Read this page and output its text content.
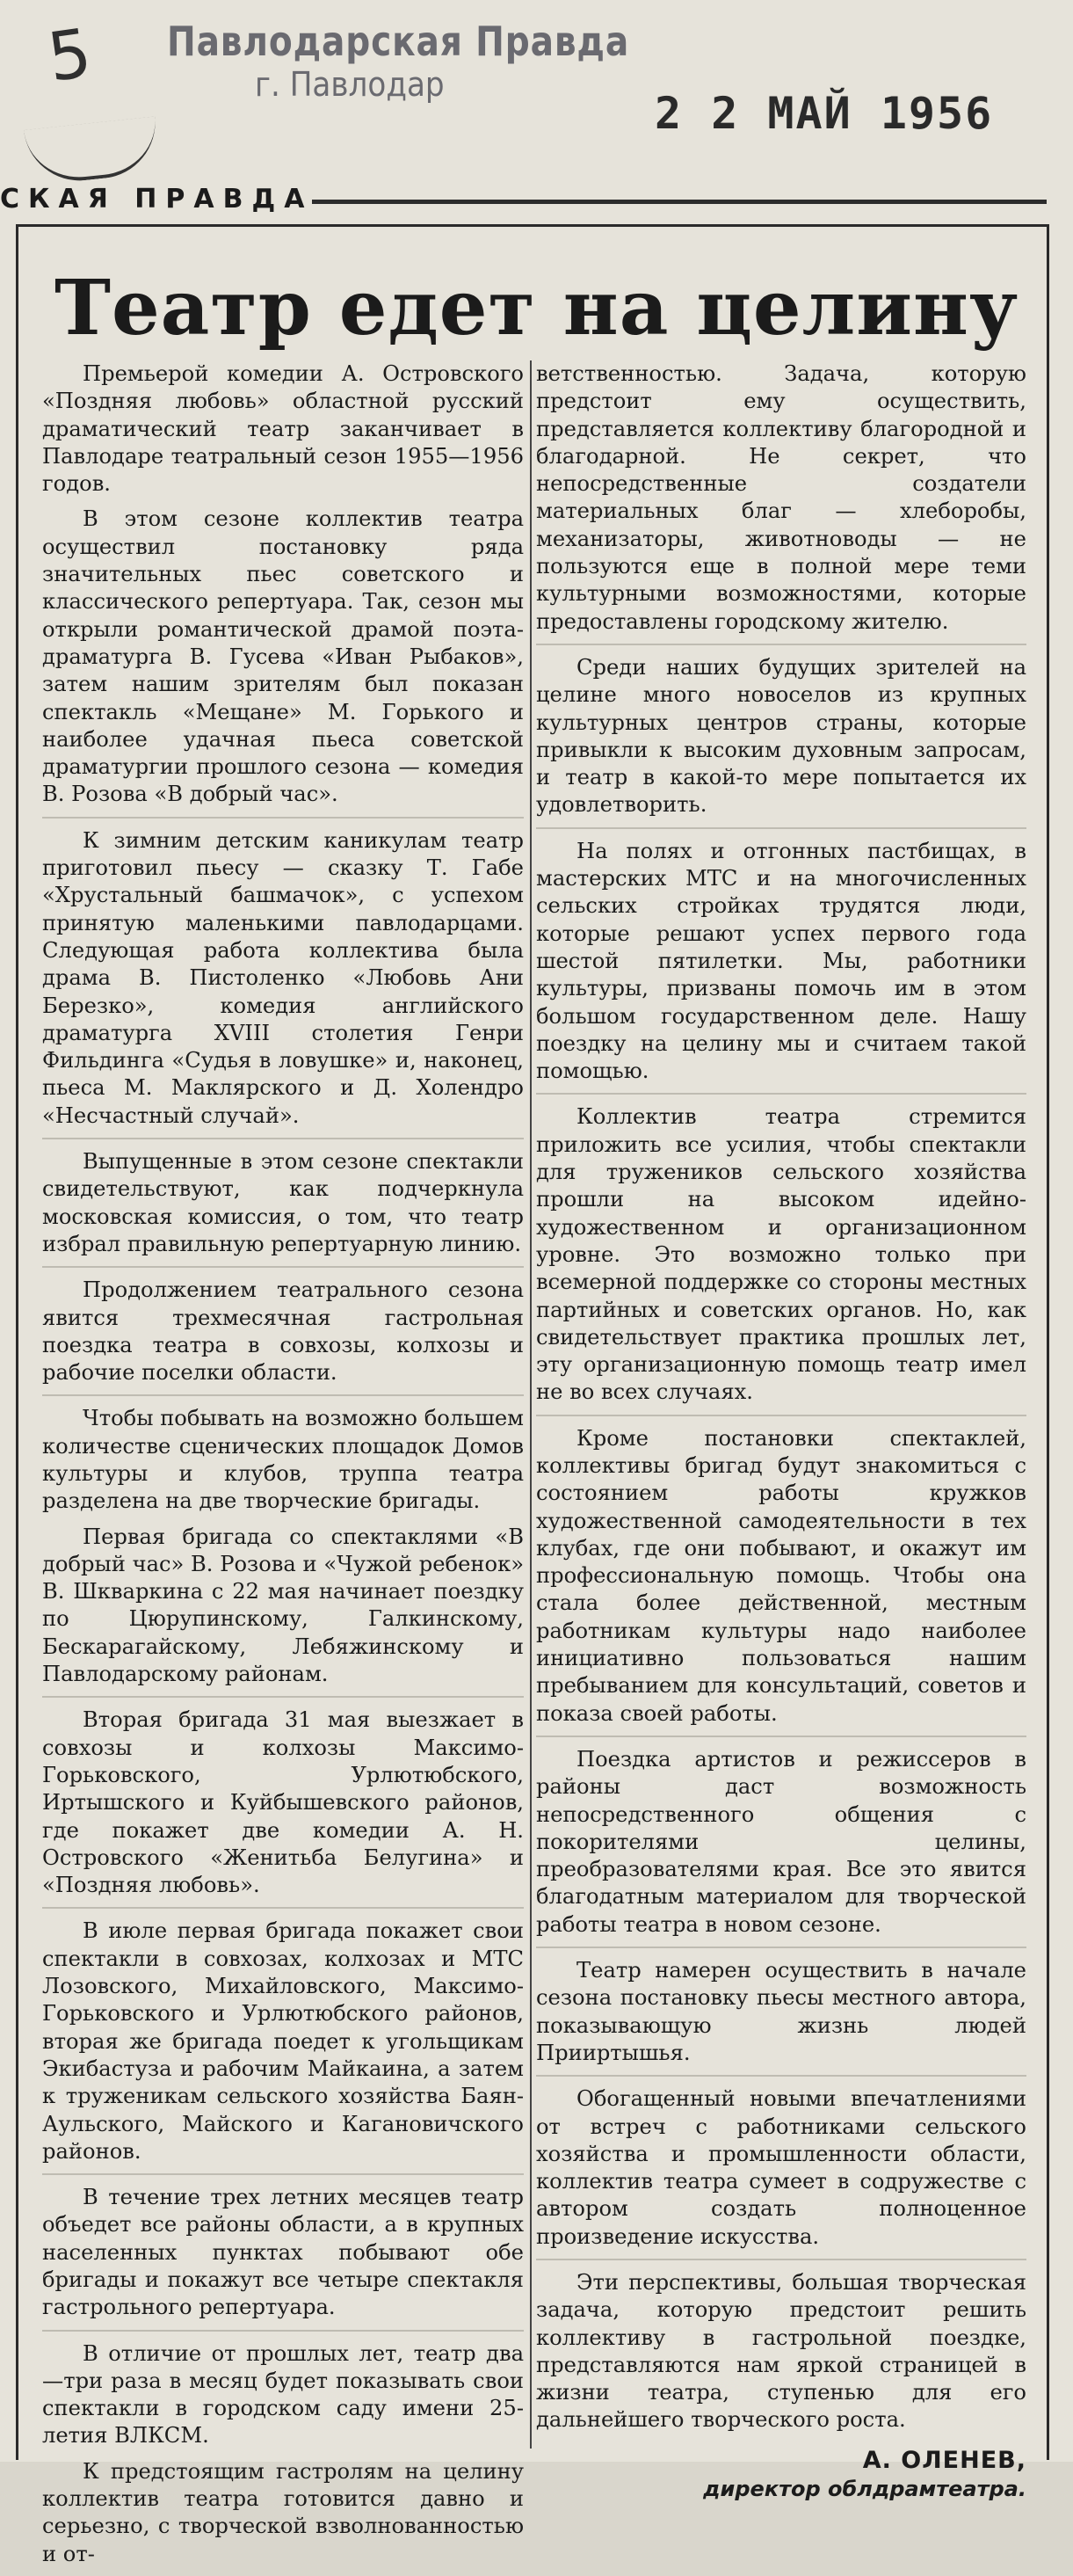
Павлодарская Правда
г. Павлодар
2 2 МАЙ 1956
5
СКАЯ ПРАВДА
Театр едет на целину

Премьерой комедии А. Островского «Поздняя любовь» областной русский драматический театр заканчивает в Павлодаре театральный сезон 1955—1956 годов.

В этом сезоне коллектив театра осуществил постановку ряда значительных пьес советского и классического репертуара. Так, сезон мы открыли романтической драмой поэта-драматурга В. Гусева «Иван Рыбаков», затем нашим зрителям был показан спектакль «Мещане» М. Горького и наиболее удачная пьеса советской драматургии прошлого сезона — комедия В. Розова «В добрый час».

К зимним детским каникулам театр приготовил пьесу — сказку Т. Габе «Хрустальный башмачок», с успехом принятую маленькими павлодарцами. Следующая работа коллектива была драма В. Пистоленко «Любовь Ани Березко», комедия английского драматурга XVIII столетия Генри Фильдинга «Судья в ловушке» и, наконец, пьеса М. Маклярского и Д. Холендро «Несчастный случай».

Выпущенные в этом сезоне спектакли свидетельствуют, как подчеркнула московская комиссия, о том, что театр избрал правильную репертуарную линию.

Продолжением театрального сезона явится трехмесячная гастрольная поездка театра в совхозы, колхозы и рабочие поселки области.

Чтобы побывать на возможно большем количестве сценических площадок Домов культуры и клубов, труппа театра разделена на две творческие бригады.

Первая бригада со спектаклями «В добрый час» В. Розова и «Чужой ребенок» В. Шкваркина с 22 мая начинает поездку по Цюрупинскому, Галкинскому, Бескарагайскому, Лебяжинскому и Павлодарскому районам.

Вторая бригада 31 мая выезжает в совхозы и колхозы Максимо-Горьковского, Урлютюбского, Иртышского и Куйбышевского районов, где покажет две комедии А. Н. Островского «Женитьба Белугина» и «Поздняя любовь».

В июле первая бригада покажет свои спектакли в совхозах, колхозах и МТС Лозовского, Михайловского, Максимо-Горьковского и Урлютюбского районов, вторая же бригада поедет к угольщикам Экибастуза и рабочим Майкаина, а затем к труженикам сельского хозяйства Баян-Аульского, Майского и Кагановичского районов.

В течение трех летних месяцев театр объедет все районы области, а в крупных населенных пунктах побывают обе бригады и покажут все четыре спектакля гастрольного репертуара.

В отличие от прошлых лет, театр два—три раза в месяц будет показывать свои спектакли в городском саду имени 25-летия ВЛКСМ.

К предстоящим гастролям на целину коллектив театра готовится давно и серьезно, с творческой взволнованностью и от-

ветственностью. Задача, которую предстоит ему осуществить, представляется коллективу благородной и благодарной. Не секрет, что непосредственные создатели материальных благ — хлеборобы, механизаторы, животноводы — не пользуются еще в полной мере теми культурными возможностями, которые предоставлены городскому жителю.

Среди наших будущих зрителей на целине много новоселов из крупных культурных центров страны, которые привыкли к высоким духовным запросам, и театр в какой-то мере попытается их удовлетворить.

На полях и отгонных пастбищах, в мастерских МТС и на многочисленных сельских стройках трудятся люди, которые решают успех первого года шестой пятилетки. Мы, работники культуры, призваны помочь им в этом большом государственном деле. Нашу поездку на целину мы и считаем такой помощью.

Коллектив театра стремится приложить все усилия, чтобы спектакли для тружеников сельского хозяйства прошли на высоком идейно-художественном и организационном уровне. Это возможно только при всемерной поддержке со стороны местных партийных и советских органов. Но, как свидетельствует практика прошлых лет, эту организационную помощь театр имел не во всех случаях.

Кроме постановки спектаклей, коллективы бригад будут знакомиться с состоянием работы кружков художественной самодеятельности в тех клубах, где они побывают, и окажут им профессиональную помощь. Чтобы она стала более действенной, местным работникам культуры надо наиболее инициативно пользоваться нашим пребыванием для консультаций, советов и показа своей работы.

Поездка артистов и режиссеров в районы даст возможность непосредственного общения с покорителями целины, преобразователями края. Все это явится благодатным материалом для творческой работы театра в новом сезоне.

Театр намерен осуществить в начале сезона постановку пьесы местного автора, показывающую жизнь людей Прииртышья.

Обогащенный новыми впечатлениями от встреч с работниками сельского хозяйства и промышленности области, коллектив театра сумеет в содружестве с автором создать полноценное произведение искусства.

Эти перспективы, большая творческая задача, которую предстоит решить коллективу в гастрольной поездке, представляются нам яркой страницей в жизни театра, ступенью для его дальнейшего творческого роста.

А. ОЛЕНЕВ,
директор облдрамтеатра.
